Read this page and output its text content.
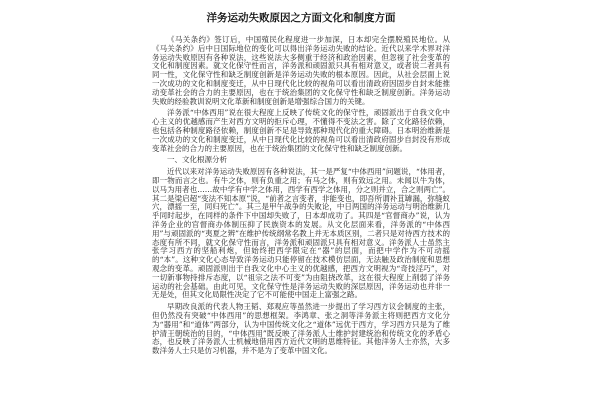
洋务运动失败原因之方面文化和制度方面

《马关条约》签订后，中国殖民化程度进一步加深，日本却完全摆脱殖民地位。从《马关条约》后中日国际地位的变化可以得出洋务运动失败的结论。近代以来学术界对洋务运动失败原因有各种说法，这些说法大多侧重于经济和政治因素，但忽视了社会变革的文化和制度因素。就文化保守性而言，洋务派和顽固派只具有相对意义，或者说二者具有同一性，文化保守性和缺乏制度创新是洋务运动失败的根本原因。因此，从社会层面上说一次成功的文化和制度变迁，从中日现代化比较的视角可以看出清政府因固步自封未能推动变革社会的合力的主要原因，也在于统治集团的文化保守性和缺乏制度创新。洋务运动失败的经验教训说明文化革新和制度创新是增强综合国力的关键。

洋务派“中体西用”说在很大程度上反映了传统文化的保守性，顽固派出于自我文化中心主义的优越感而产生对西方文明的拒斥心理，不懂得不变法之害。除了文化路径依赖，也包括各种制度路径依赖，制度创新不足是导致那种现代化的重大障碍。日本明治维新是一次成功的文化和制度变迁，从中日现代化比较的视角可以看出清政府固步自封没有形成变革社会的合力的主要原因，也在于统治集团的文化保守性和缺乏制度创新。

一、文化根源分析

近代以来对洋务运动失败原因有各种说法，其一是严复“中体西用”问题说，“体用者，即一物而言之也。有牛之体，则有负重之用；有马之体，则有致远之用。未闻以牛为体，以马为用者也……故中学有中学之体用，西学有西学之体用，分之则并立，合之则两亡”。其二是梁启超“变法不知本原”说，“前者之言变者，非能变也，即吾所谓补苴罅漏，弥缝蚁穴，漂摇一至，同归死亡”。其三是甲午战争的失败论，中日两国的洋务运动与明治维新几乎同时起步，在同样的条件下中国却失败了，日本却成功了。其四是“官督商办”说，认为洋务企业的官督商办体制压抑了民族资本的发展。从文化层面来看，洋务派的“中体西用”与顽固派的“夷夏之辨”在维护传统纲常名教上并无本质区别，二者只是对待西方技术的态度有所不同，就文化保守性而言，洋务派和顽固派只具有相对意义。洋务派人士虽然主张学习西方的坚船利炮，但始终把西学限定在“器”的层面，而把中学作为不可动摇的“本”。这种文化心态导致洋务运动只能停留在技术模仿层面，无法触及政治制度和思想观念的变革。顽固派则出于自我文化中心主义的优越感，把西方文明视为“奇技淫巧”，对一切新事物持排斥态度，以“祖宗之法不可变”为由阻挠改革，这在很大程度上削弱了洋务运动的社会基础。由此可见，文化保守性是洋务运动失败的深层原因，洋务运动也并非一无是处，但其文化局限性决定了它不可能使中国走上富强之路。

早期改良派的代表人物王韬、郑观应等虽然进一步提出了学习西方议会制度的主张，但仍然没有突破“中体西用”的思想框架。李鸿章、张之洞等洋务派主将则把西方文化分为“器用”和“道体”两部分，认为中国传统文化之“道体”远优于西方，学习西方只是为了维护清王朝统治的目的，“中体西用”既反映了洋务派人士维护封建统治和传统文化的矛盾心态，也反映了洋务派人士机械地借用西方近代文明的思维特征。其他洋务人士亦然，大多数洋务人士只是仿习机器，并不是为了变革中国文化。
